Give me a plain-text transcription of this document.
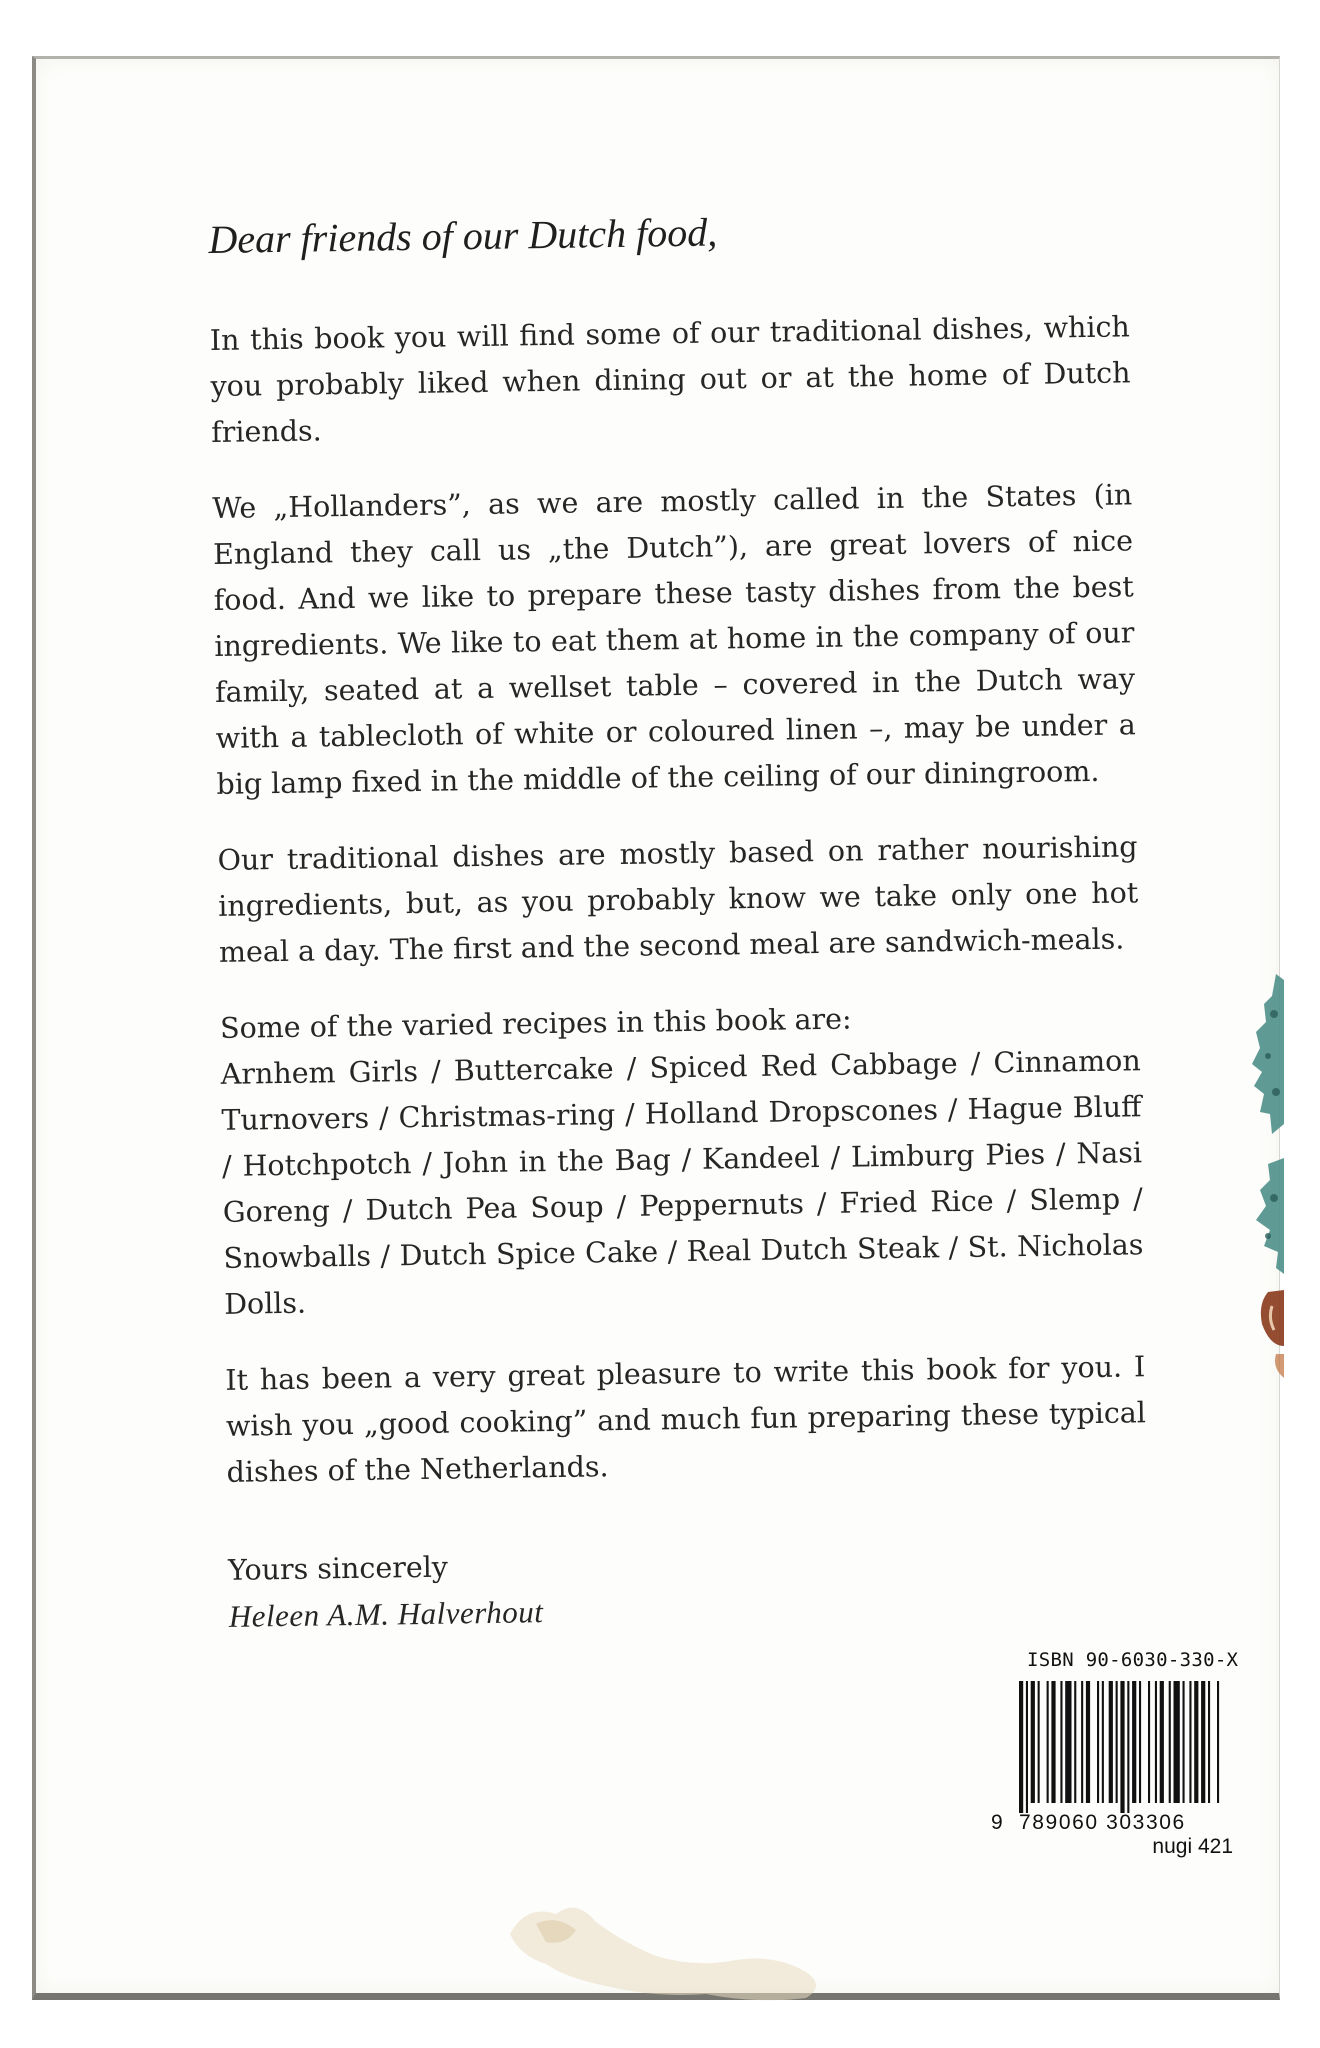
Dear friends of our Dutch food,

In this book you will find some of our traditional dishes, which you probably liked when dining out or at the home of Dutch friends.

We „Hollanders”, as we are mostly called in the States (in England they call us „the Dutch”), are great lovers of nice food. And we like to prepare these tasty dishes from the best ingredients. We like to eat them at home in the company of our family, seated at a wellset table – covered in the Dutch way with a tablecloth of white or coloured linen –, may be under a big lamp fixed in the middle of the ceiling of our diningroom.

Our traditional dishes are mostly based on rather nourishing ingredients, but, as you probably know we take only one hot meal a day. The first and the second meal are sandwich-meals.

Some of the varied recipes in this book are:

Arnhem Girls / Buttercake / Spiced Red Cabbage / Cinnamon Turnovers / Christmas-ring / Holland Dropscones / Hague Bluff / Hotchpotch / John in the Bag / Kandeel / Limburg Pies / Nasi Goreng / Dutch Pea Soup / Peppernuts / Fried Rice / Slemp / Snowballs / Dutch Spice Cake / Real Dutch Steak / St. Nicholas Dolls.

It has been a very great pleasure to write this book for you. I wish you „good cooking” and much fun preparing these typical dishes of the Netherlands.

Yours sincerely
Heleen A.M. Halverhout
ISBN 90-6030-330-X
9 789060 303306
nugi 421
